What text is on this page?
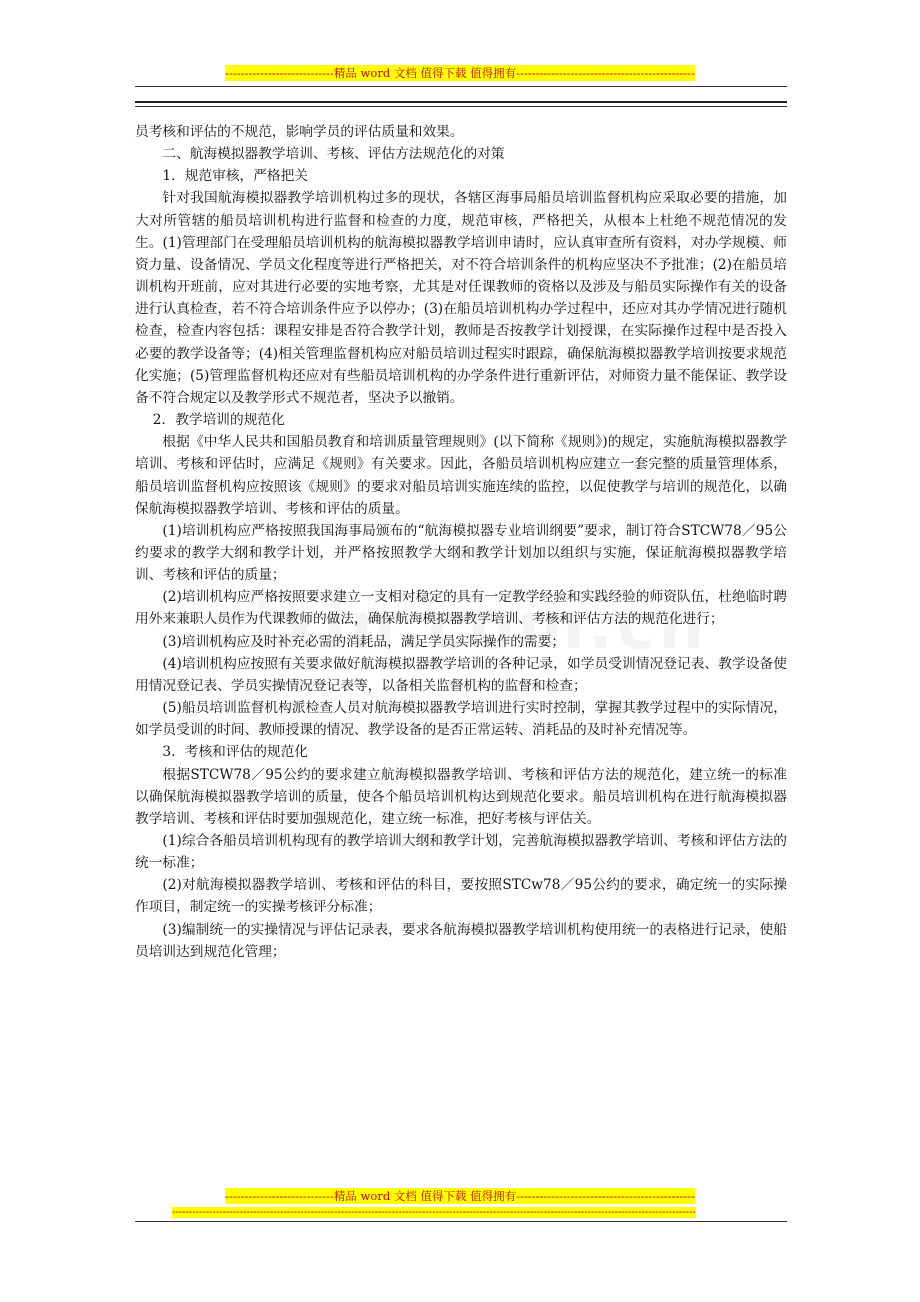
----------------------------精品 word 文档 值得下载 值得拥有----------------------------------------------

员考核和评估的不规范，影响学员的评估质量和效果。

二、航海模拟器教学培训、考核、评估方法规范化的对策

1．规范审核，严格把关

针对我国航海模拟器教学培训机构过多的现状，各辖区海事局船员培训监督机构应采取必要的措施，加大对所管辖的船员培训机构进行监督和检查的力度，规范审核，严格把关，从根本上杜绝不规范情况的发生。(1)管理部门在受理船员培训机构的航海模拟器教学培训申请时，应认真审查所有资料，对办学规模、师资力量、设备情况、学员文化程度等进行严格把关，对不符合培训条件的机构应坚决不予批准；(2)在船员培训机构开班前，应对其进行必要的实地考察，尤其是对任课教师的资格以及涉及与船员实际操作有关的设备进行认真检查，若不符合培训条件应予以停办；(3)在船员培训机构办学过程中，还应对其办学情况进行随机检查，检查内容包括：课程安排是否符合教学计划，教师是否按教学计划授课，在实际操作过程中是否投入必要的教学设备等；(4)相关管理监督机构应对船员培训过程实时跟踪，确保航海模拟器教学培训按要求规范化实施；(5)管理监督机构还应对有些船员培训机构的办学条件进行重新评估，对师资力量不能保证、教学设备不符合规定以及教学形式不规范者，坚决予以撤销。

2．教学培训的规范化

根据《中华人民共和国船员教育和培训质量管理规则》(以下简称《规则》)的规定，实施航海模拟器教学培训、考核和评估时，应满足《规则》有关要求。因此，各船员培训机构应建立一套完整的质量管理体系，船员培训监督机构应按照该《规则》的要求对船员培训实施连续的监控，以促使教学与培训的规范化，以确保航海模拟器教学培训、考核和评估的质量。

(1)培训机构应严格按照我国海事局颁布的“航海模拟器专业培训纲要”要求，制订符合STCW78／95公约要求的教学大纲和教学计划，并严格按照教学大纲和教学计划加以组织与实施，保证航海模拟器教学培训、考核和评估的质量；

(2)培训机构应严格按照要求建立一支相对稳定的具有一定教学经验和实践经验的师资队伍，杜绝临时聘用外来兼职人员作为代课教师的做法，确保航海模拟器教学培训、考核和评估方法的规范化进行；

(3)培训机构应及时补充必需的消耗品，满足学员实际操作的需要；

(4)培训机构应按照有关要求做好航海模拟器教学培训的各种记录，如学员受训情况登记表、教学设备使用情况登记表、学员实操情况登记表等，以备相关监督机构的监督和检查；

(5)船员培训监督机构派检查人员对航海模拟器教学培训进行实时控制，掌握其教学过程中的实际情况，如学员受训的时间、教师授课的情况、教学设备的是否正常运转、消耗品的及时补充情况等。

3．考核和评估的规范化

根据STCW78／95公约的要求建立航海模拟器教学培训、考核和评估方法的规范化，建立统一的标准以确保航海模拟器教学培训的质量，使各个船员培训机构达到规范化要求。船员培训机构在进行航海模拟器教学培训、考核和评估时要加强规范化，建立统一标准，把好考核与评估关。

(1)综合各船员培训机构现有的教学培训大纲和教学计划，完善航海模拟器教学培训、考核和评估方法的统一标准；

(2)对航海模拟器教学培训、考核和评估的科目，要按照STCw78／95公约的要求，确定统一的实际操作项目，制定统一的实操考核评分标准；

(3)编制统一的实操情况与评估记录表，要求各航海模拟器教学培训机构使用统一的表格进行记录，使船员培训达到规范化管理；

----------------------------精品 word 文档 值得下载 值得拥有----------------------------------------------
-----------------------------------------------------------------------------------------------------------------------------------------------------------
